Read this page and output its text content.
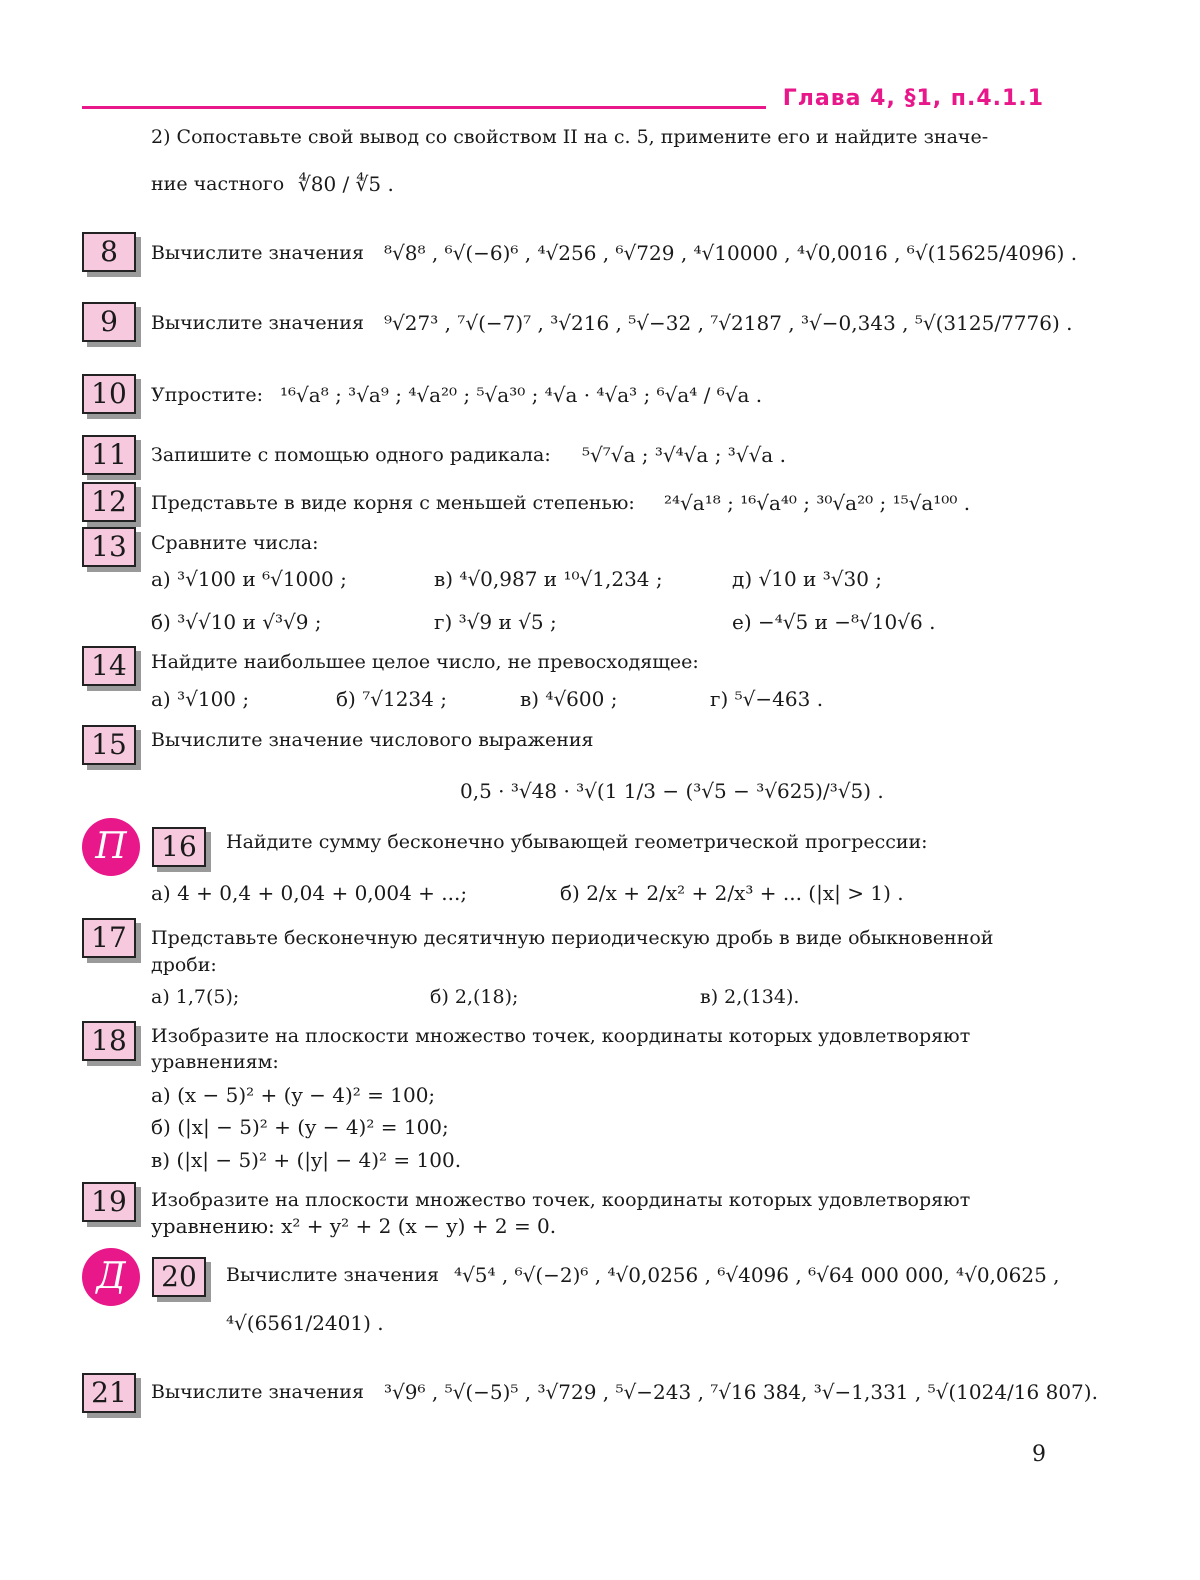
Глава 4, §1, п.4.1.1
2) Сопоставьте свой вывод со свойством II на с. 5, примените его и найдите значе-
ние частного ∜80 / ∜5 .
8	Вычислите значения ⁸√8⁸ , ⁶√(−6)⁶ , ⁴√256 , ⁶√729 , ⁴√10000 , ⁴√0,0016 , ⁶√(15625/4096) .
9	Вычислите значения ⁹√27³ , ⁷√(−7)⁷ , ³√216 , ⁵√−32 , ⁷√2187 , ³√−0,343 , ⁵√(3125/7776) .
10	Упростите: ¹⁶√a⁸ ; ³√a⁹ ; ⁴√a²⁰ ; ⁵√a³⁰ ; ⁴√a · ⁴√a³ ; ⁶√a⁴ / ⁶√a .
11	Запишите с помощью одного радикала: ⁵√⁷√a ; ³√⁴√a ; ³√√a .
12	Представьте в виде корня с меньшей степенью: ²⁴√a¹⁸ ; ¹⁶√a⁴⁰ ; ³⁰√a²⁰ ; ¹⁵√a¹⁰⁰ .
13	Сравните числа:
а) ³√100 и ⁶√1000 ;	в) ⁴√0,987 и ¹⁰√1,234 ;	д) √10 и ³√30 ;
б) ³√√10 и √³√9 ;	г) ³√9 и √5 ;	е) −⁴√5 и −⁸√10√6 .
14	Найдите наибольшее целое число, не превосходящее:
а) ³√100 ;	б) ⁷√1234 ;	в) ⁴√600 ;	г) ⁵√−463 .
15	Вычислите значение числового выражения
0,5 · ³√48 · ³√(1 1/3 − (³√5 − ³√625)/³√5) .
П	16	Найдите сумму бесконечно убывающей геометрической прогрессии:
а) 4 + 0,4 + 0,04 + 0,004 + ...;	б) 2/x + 2/x² + 2/x³ + ... (|x| > 1) .
17	Представьте бесконечную десятичную периодическую дробь в виде обыкновенной
дроби:
а) 1,7(5);	б) 2,(18);	в) 2,(134).
18	Изобразите на плоскости множество точек, координаты которых удовлетворяют
уравнениям:
а) (x − 5)² + (y − 4)² = 100;
б) (|x| − 5)² + (y − 4)² = 100;
в) (|x| − 5)² + (|y| − 4)² = 100.
19	Изобразите на плоскости множество точек, координаты которых удовлетворяют
уравнению: x² + y² + 2 (x − y) + 2 = 0.
Д	20	Вычислите значения ⁴√5⁴ , ⁶√(−2)⁶ , ⁴√0,0256 , ⁶√4096 , ⁶√64 000 000, ⁴√0,0625 ,
⁴√(6561/2401) .
21	Вычислите значения ³√9⁶ , ⁵√(−5)⁵ , ³√729 , ⁵√−243 , ⁷√16 384, ³√−1,331 , ⁵√(1024/16 807).
9
